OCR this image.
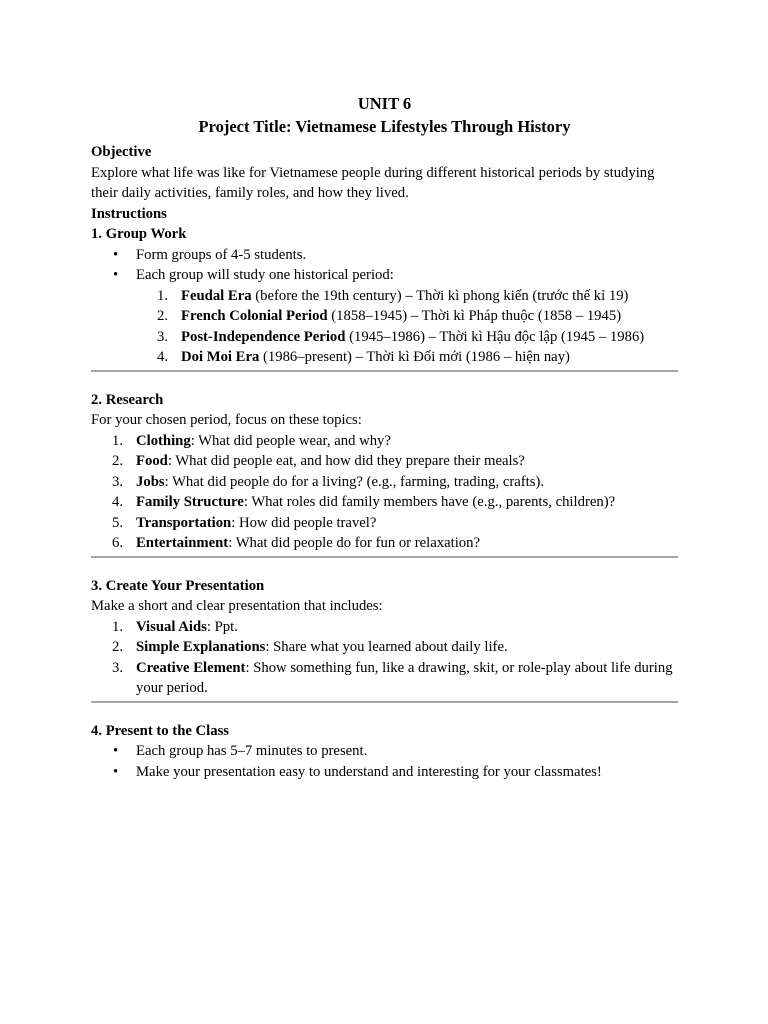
UNIT 6
Project Title: Vietnamese Lifestyles Through History
Objective

Explore what life was like for Vietnamese people during different historical periods by studying their daily activities, family roles, and how they lived.

Instructions
1. Group Work
• Form groups of 4-5 students.
• Each group will study one historical period:
1. Feudal Era (before the 19th century) – Thời kì phong kiến (trước thế kỉ 19)
2. French Colonial Period (1858–1945) – Thời kì Pháp thuộc (1858 – 1945)
3. Post-Independence Period (1945–1986) – Thời kì Hậu độc lập (1945 – 1986)
4. Doi Moi Era (1986–present) – Thời kì Đối mới (1986 – hiện nay)
2. Research

For your chosen period, focus on these topics:

1. Clothing: What did people wear, and why?
2. Food: What did people eat, and how did they prepare their meals?
3. Jobs: What did people do for a living? (e.g., farming, trading, crafts).
4. Family Structure: What roles did family members have (e.g., parents, children)?
5. Transportation: How did people travel?
6. Entertainment: What did people do for fun or relaxation?
3. Create Your Presentation

Make a short and clear presentation that includes:

1. Visual Aids: Ppt.
2. Simple Explanations: Share what you learned about daily life.
3. Creative Element: Show something fun, like a drawing, skit, or role-play about life during your period.
4. Present to the Class
• Each group has 5–7 minutes to present.
• Make your presentation easy to understand and interesting for your classmates!
